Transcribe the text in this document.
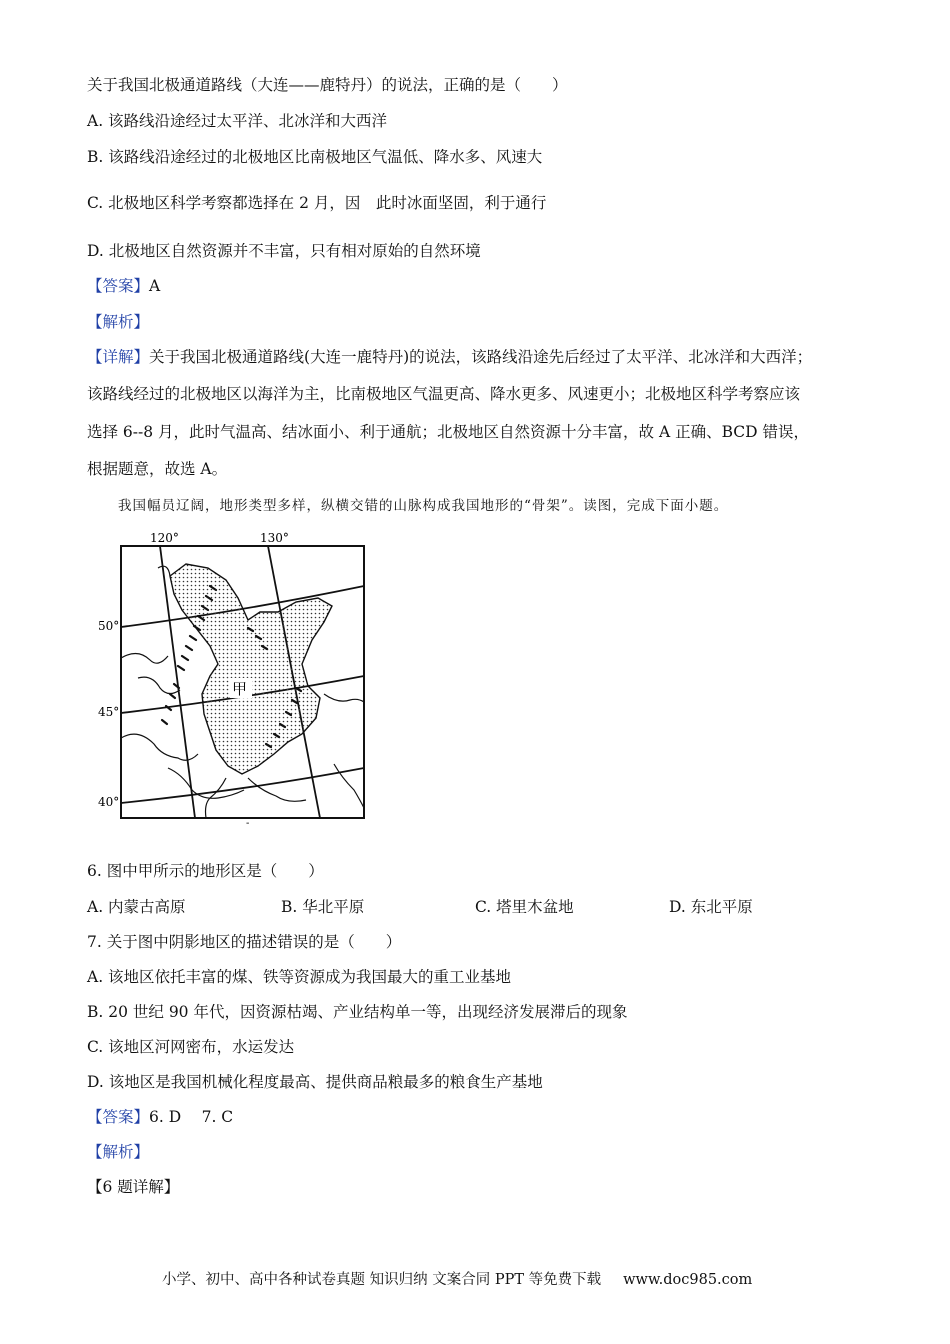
关于我国北极通道路线（大连——鹿特丹）的说法，正确的是（　　）
A. 该路线沿途经过太平洋、北冰洋和大西洋
B. 该路线沿途经过的北极地区比南极地区气温低、降水多、风速大
C. 北极地区科学考察都选择在 2 月，因　此时冰面坚固，利于通行
D. 北极地区自然资源并不丰富，只有相对原始的自然环境
【答案】A
【解析】
【详解】关于我国北极通道路线(大连一鹿特丹)的说法，该路线沿途先后经过了太平洋、北冰洋和大西洋；
该路线经过的北极地区以海洋为主，比南极地区气温更高、降水更多、风速更小；北极地区科学考察应该
选择 6--8 月，此时气温高、结冰面小、利于通航；北极地区自然资源十分丰富，故 A 正确、BCD 错误，
根据题意，故选 A。
我国幅员辽阔，地形类型多样，纵横交错的山脉构成我国地形的“骨架”。读图，完成下面小题。
120°	130°
50°
45°
40°
甲
-
6. 图中甲所示的地形区是（　　）
A. 内蒙古高原	B. 华北平原	C. 塔里木盆地	D. 东北平原
7. 关于图中阴影地区的描述错误的是（　　）
A. 该地区依托丰富的煤、铁等资源成为我国最大的重工业基地
B. 20 世纪 90 年代，因资源枯竭、产业结构单一等，出现经济发展滞后的现象
C. 该地区河网密布，水运发达
D. 该地区是我国机械化程度最高、提供商品粮最多的粮食生产基地
【答案】6. D　 7. C
【解析】
【6 题详解】
小学、初中、高中各种试卷真题 知识归纳 文案合同 PPT 等免费下载 www.doc985.com
